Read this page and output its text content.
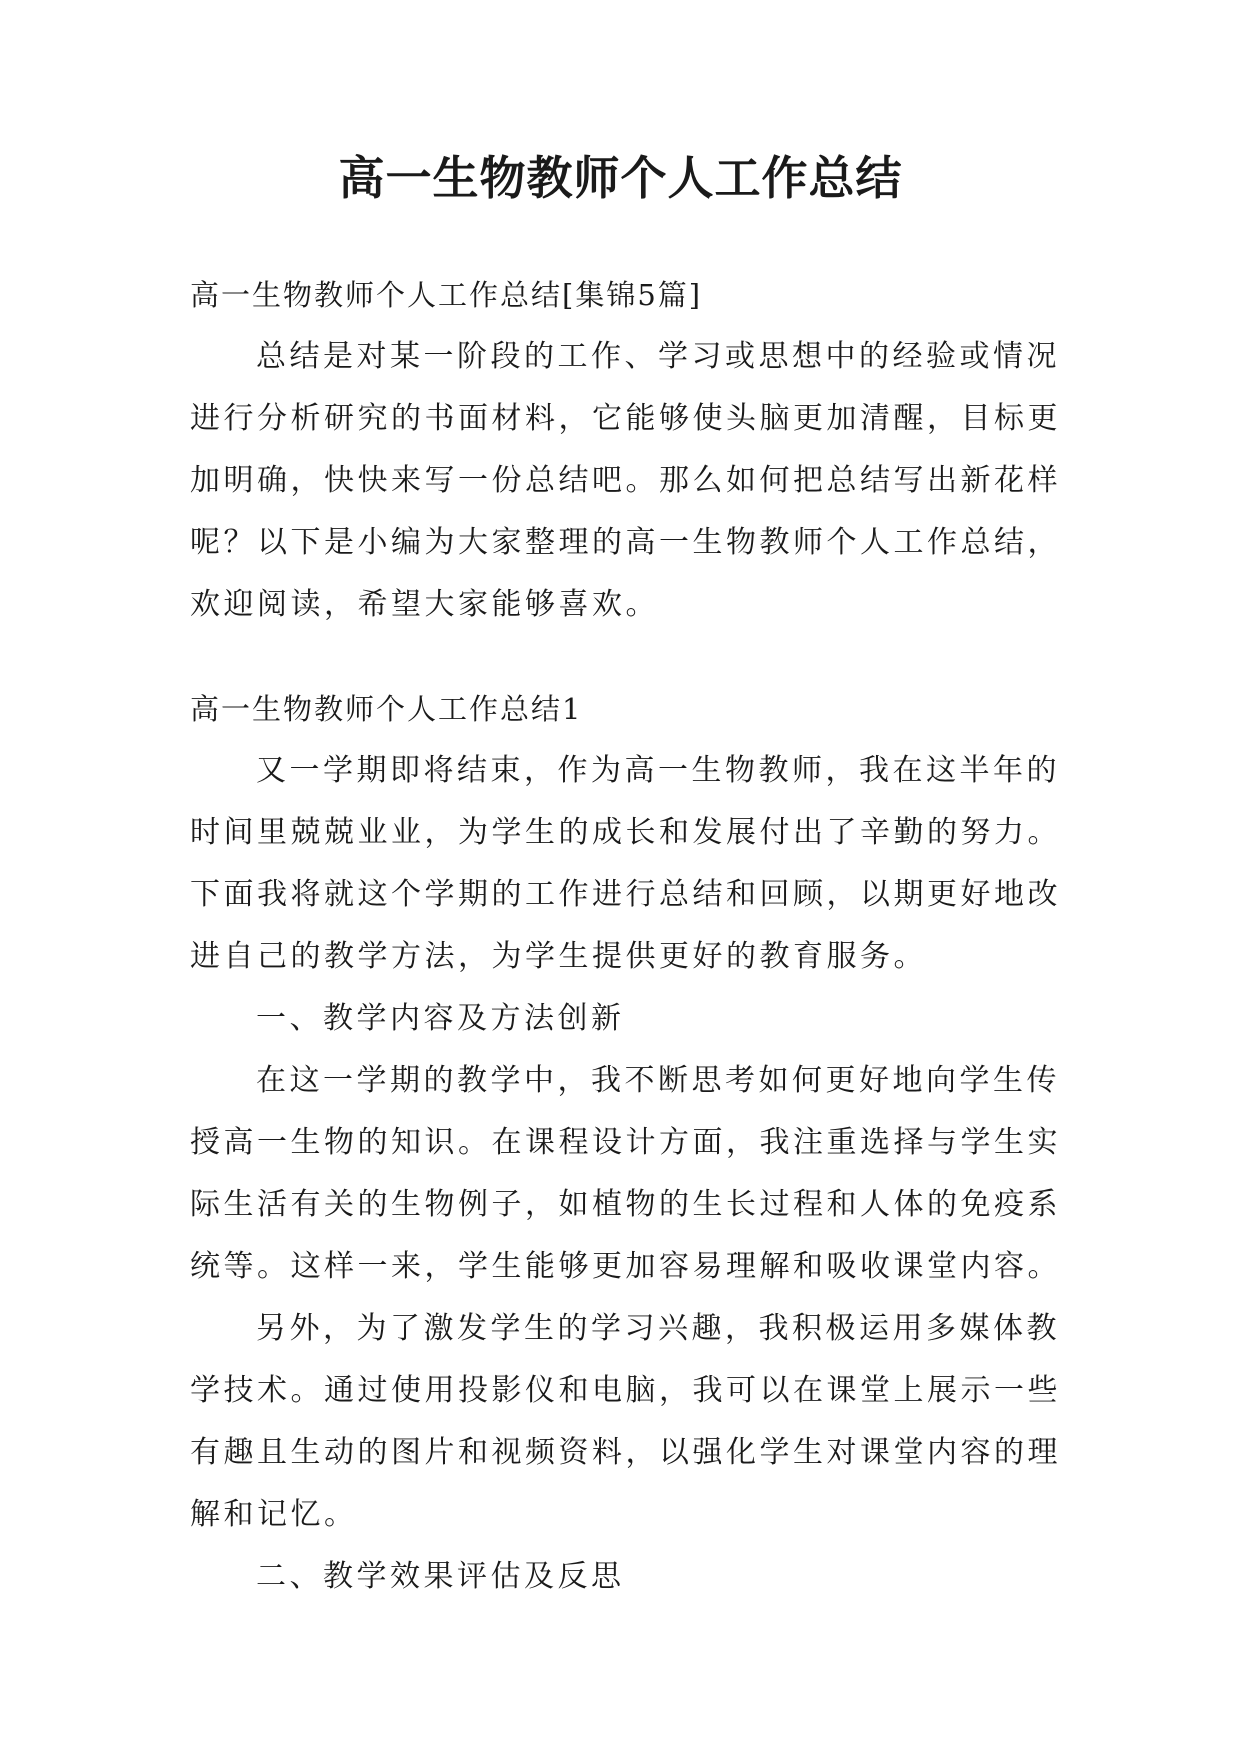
高一生物教师个人工作总结
高一生物教师个人工作总结[集锦5篇]
总结是对某一阶段的工作、学习或思想中的经验或情况
进行分析研究的书面材料，它能够使头脑更加清醒，目标更
加明确，快快来写一份总结吧。那么如何把总结写出新花样
呢？以下是小编为大家整理的高一生物教师个人工作总结，
欢迎阅读，希望大家能够喜欢。
高一生物教师个人工作总结1
又一学期即将结束，作为高一生物教师，我在这半年的
时间里兢兢业业，为学生的成长和发展付出了辛勤的努力。
下面我将就这个学期的工作进行总结和回顾，以期更好地改
进自己的教学方法，为学生提供更好的教育服务。
一、教学内容及方法创新
在这一学期的教学中，我不断思考如何更好地向学生传
授高一生物的知识。在课程设计方面，我注重选择与学生实
际生活有关的生物例子，如植物的生长过程和人体的免疫系
统等。这样一来，学生能够更加容易理解和吸收课堂内容。
另外，为了激发学生的学习兴趣，我积极运用多媒体教
学技术。通过使用投影仪和电脑，我可以在课堂上展示一些
有趣且生动的图片和视频资料，以强化学生对课堂内容的理
解和记忆。
二、教学效果评估及反思
